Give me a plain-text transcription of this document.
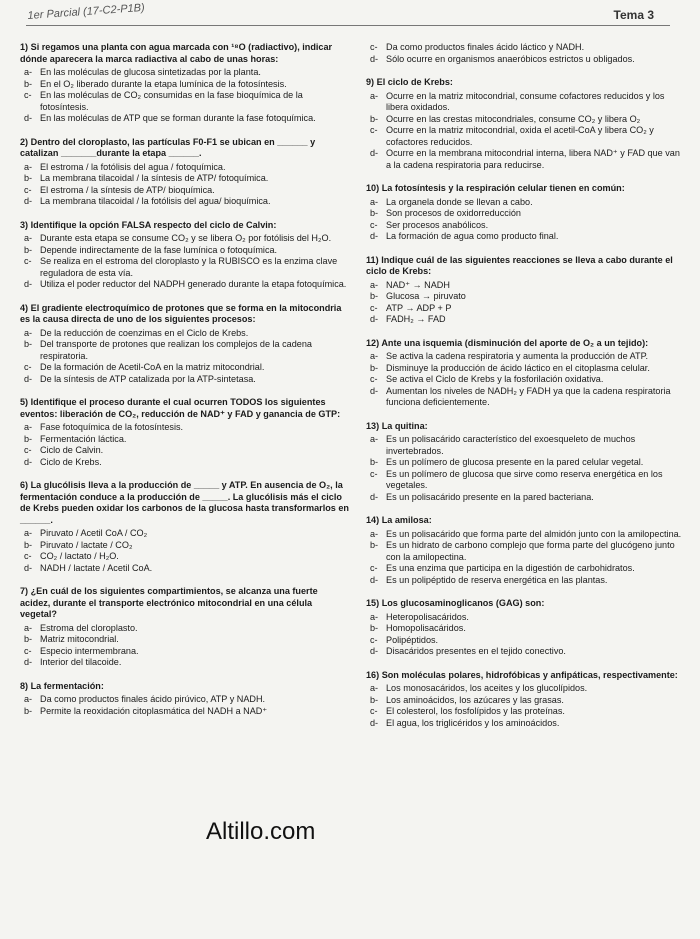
1er Parcial (17-C2-P1B)	Tema 3
1) Si regamos una planta con agua marcada con ¹⁸O (radiactivo), indicar dónde aparecera la marca radiactiva al cabo de unas horas:
a- En las moléculas de glucosa sintetizadas por la planta.
b- En el O₂ liberado durante la etapa lumínica de la fotosíntesis.
c- En las moléculas de CO₂ consumidas en la fase bioquímica de la fotosíntesis.
d- En las moléculas de ATP que se forman durante la fase fotoquímica.
2) Dentro del cloroplasto, las partículas F0-F1 se ubican en ______ y catalizan _______durante la etapa ______.
a- El estroma / la fotólisis del agua / fotoquímica.
b- La membrana tilacoidal / la síntesis de ATP/ fotoquímica.
c- El estroma / la síntesis de ATP/ bioquímica.
d- La membrana tilacoidal / la fotólisis del agua/ bioquímica.
3) Identifique la opción FALSA respecto del ciclo de Calvin:
a- Durante esta etapa se consume CO₂ y se libera O₂ por fotólisis del H₂O.
b- Depende indirectamente de la fase lumínica o fotoquímica.
c- Se realiza en el estroma del cloroplasto y la RUBISCO es la enzima clave reguladora de esta vía.
d- Utiliza el poder reductor del NADPH generado durante la etapa fotoquímica.
4) El gradiente electroquímico de protones que se forma en la mitocondria es la causa directa de uno de los siguientes procesos:
a- De la reducción de coenzimas en el Ciclo de Krebs.
b- Del transporte de protones que realizan los complejos de la cadena respiratoria.
c- De la formación de Acetil-CoA en la matriz mitocondrial.
d- De la síntesis de ATP catalizada por la ATP-sintetasa.
5) Identifique el proceso durante el cual ocurren TODOS los siguientes eventos: liberación de CO₂, reducción de NAD⁺ y FAD y ganancia de GTP:
a- Fase fotoquímica de la fotosíntesis.
b- Fermentación láctica.
c- Ciclo de Calvin.
d- Ciclo de Krebs.
6) La glucólisis lleva a la producción de _____ y ATP. En ausencia de O₂, la fermentación conduce a la producción de _____. La glucólisis más el ciclo de Krebs pueden oxidar los carbonos de la glucosa hasta transformarlos en ______.
a- Piruvato / Acetil CoA / CO₂
b- Piruvato / lactate / CO₂
c- CO₂ / lactato / H₂O.
d- NADH / lactate / Acetil CoA.
7) ¿En cuál de los siguientes compartimientos, se alcanza una fuerte acidez, durante el transporte electrónico mitocondrial en una célula vegetal?
a- Estroma del cloroplasto.
b- Matriz mitocondrial.
c- Especio intermembrana.
d- Interior del tilacoide.
8) La fermentación:
a- Da como productos finales ácido pirúvico, ATP y NADH.
b- Permite la reoxidación citoplasmática del NADH a NAD⁺
c- Da como productos finales ácido láctico y NADH.
d- Sólo ocurre en organismos anaeróbicos estrictos u obligados.
9) El ciclo de Krebs:
a- Ocurre en la matriz mitocondrial, consume cofactores reducidos y los libera oxidados.
b- Ocurre en las crestas mitocondriales, consume CO₂ y libera O₂
c- Ocurre en la matriz mitocondrial, oxida el acetil-CoA y libera CO₂ y cofactores reducidos.
d- Ocurre en la membrana mitocondrial interna, libera NAD⁺ y FAD que van a la cadena respiratoria para reducirse.
10) La fotosíntesis y la respiración celular tienen en común:
a- La organela donde se llevan a cabo.
b- Son procesos de oxidorreducción
c- Ser procesos anabólicos.
d- La formación de agua como producto final.
11) Indique cuál de las siguientes reacciones se lleva a cabo durante el ciclo de Krebs:
a- NAD⁺ → NADH
b- Glucosa → piruvato
c- ATP → ADP + P
d- FADH₂ → FAD
12) Ante una isquemia (disminución del aporte de O₂ a un tejido):
a- Se activa la cadena respiratoria y aumenta la producción de ATP.
b- Disminuye la producción de ácido láctico en el citoplasma celular.
c- Se activa el Ciclo de Krebs y la fosforilación oxidativa.
d- Aumentan los niveles de NADH₂ y FADH ya que la cadena respiratoria funciona deficientemente.
13) La quitina:
a- Es un polisacárido característico del exoesqueleto de muchos invertebrados.
b- Es un polímero de glucosa presente en la pared celular vegetal.
c- Es un polímero de glucosa que sirve como reserva energética en los vegetales.
d- Es un polisacárido presente en la pared bacteriana.
14) La amilosa:
a- Es un polisacárido que forma parte del almidón junto con la amilopectina.
b- Es un hidrato de carbono complejo que forma parte del glucógeno junto con la amilopectina.
c- Es una enzima que participa en la digestión de carbohidratos.
d- Es un polipéptido de reserva energética en las plantas.
15) Los glucosaminoglicanos (GAG) son:
a- Heteropolisacáridos.
b- Homopolisacáridos.
c- Polipéptidos.
d- Disacáridos presentes en el tejido conectivo.
16) Son moléculas polares, hidrofóbicas y anfipáticas, respectivamente:
a- Los monosacáridos, los aceites y los glucolípidos.
b- Los aminoácidos, los azúcares y las grasas.
c- El colesterol, los fosfolípidos y las proteínas.
d- El agua, los triglicéridos y los aminoácidos.
Altillo.com
